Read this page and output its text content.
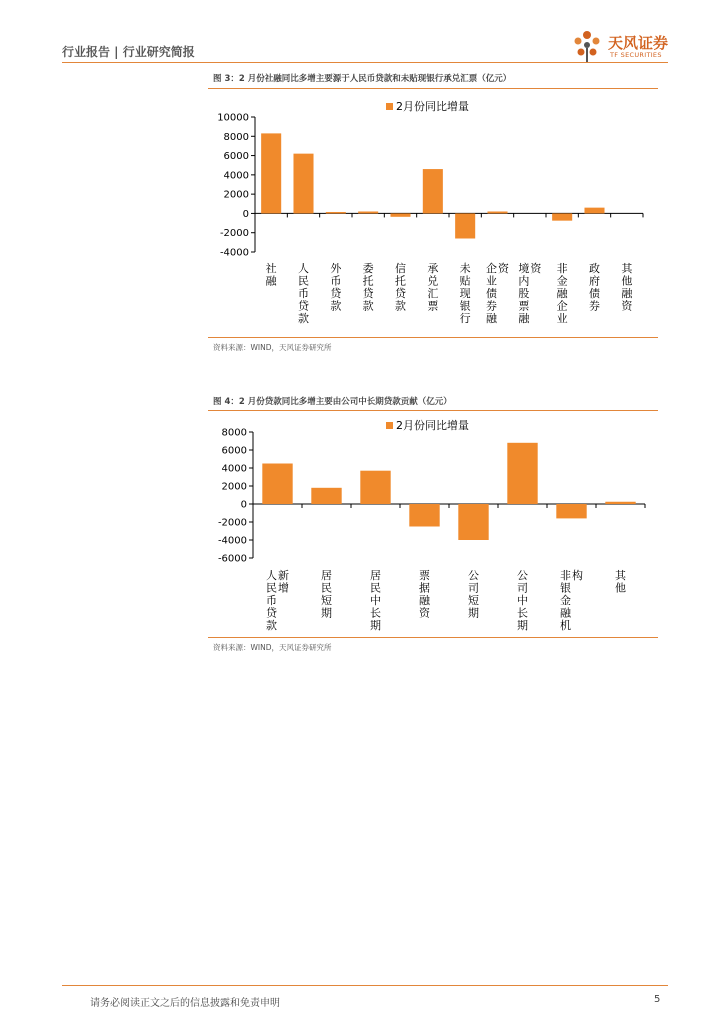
行业报告 | 行业研究简报	天风证券
TF SECURITIES
图 3：2 月份社融同比多增主要源于人民币贷款和未贴现银行承兑汇票（亿元）
10000
8000
6000
4000
2000
0
-2000
-4000
社融
人民币贷款
外币贷款
委托贷款
信托贷款
承兑汇票
未贴现银行
企业债券融资 境内股票融资 非金融企业
政府债券
其他融资
2月份同比增量
资料来源：WIND，天风证券研究所
图 4：2 月份贷款同比多增主要由公司中长期贷款贡献（亿元）
8000
6000
4000
2000
0
-2000
-4000
-6000
人民币贷款新增
居民短期
居民中长期
票据融资
公司短期
公司中长期
非银金融机构	其他
2月份同比增量
资料来源：WIND，天风证券研究所
请务必阅读正文之后的信息披露和免责申明	5
